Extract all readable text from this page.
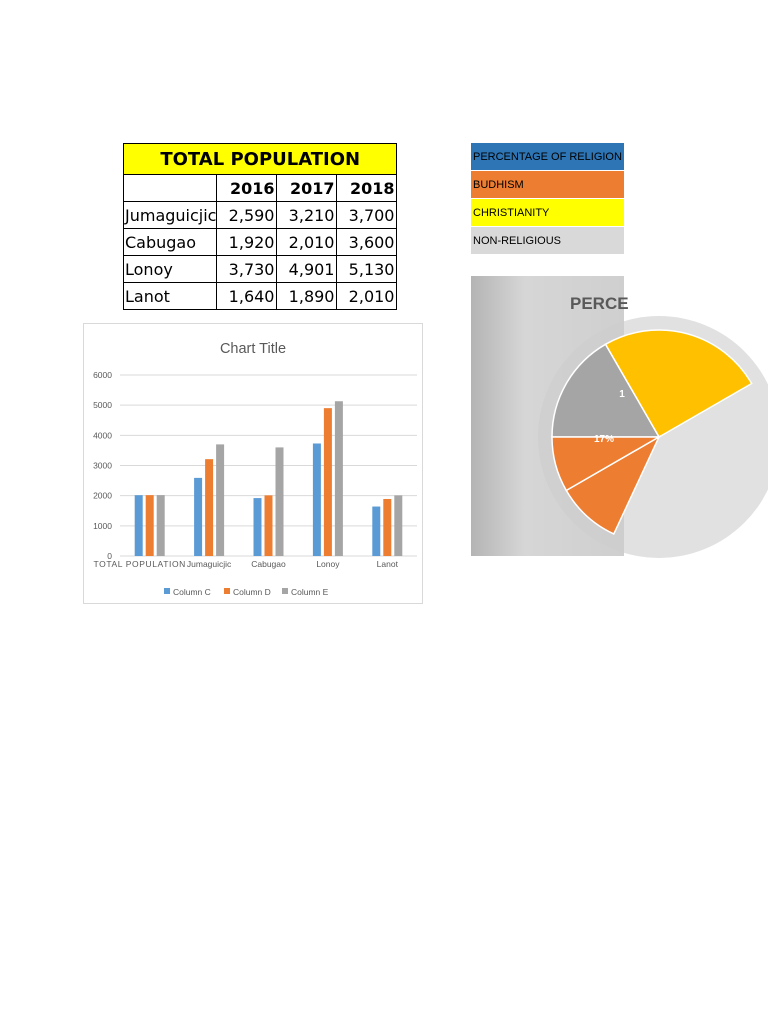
TOTAL POPULATION			
	2016	2017	2018
Jumaguicjic	2,590	3,210	3,700
Cabugao	1,920	2,010	3,600
Lonoy	3,730	4,901	5,130
Lanot	1,640	1,890	2,010
Chart Title
0
1000
2000
3000
4000
5000
6000
TOTAL POPULATION Jumaguicjic Cabugao	Lonoy	Lanot
Column C	Column D Column E
PERCENTAGE OF RELIGION
BUDHISM
CHRISTIANITY
NON-RELIGIOUS
1
17%
PERCE
